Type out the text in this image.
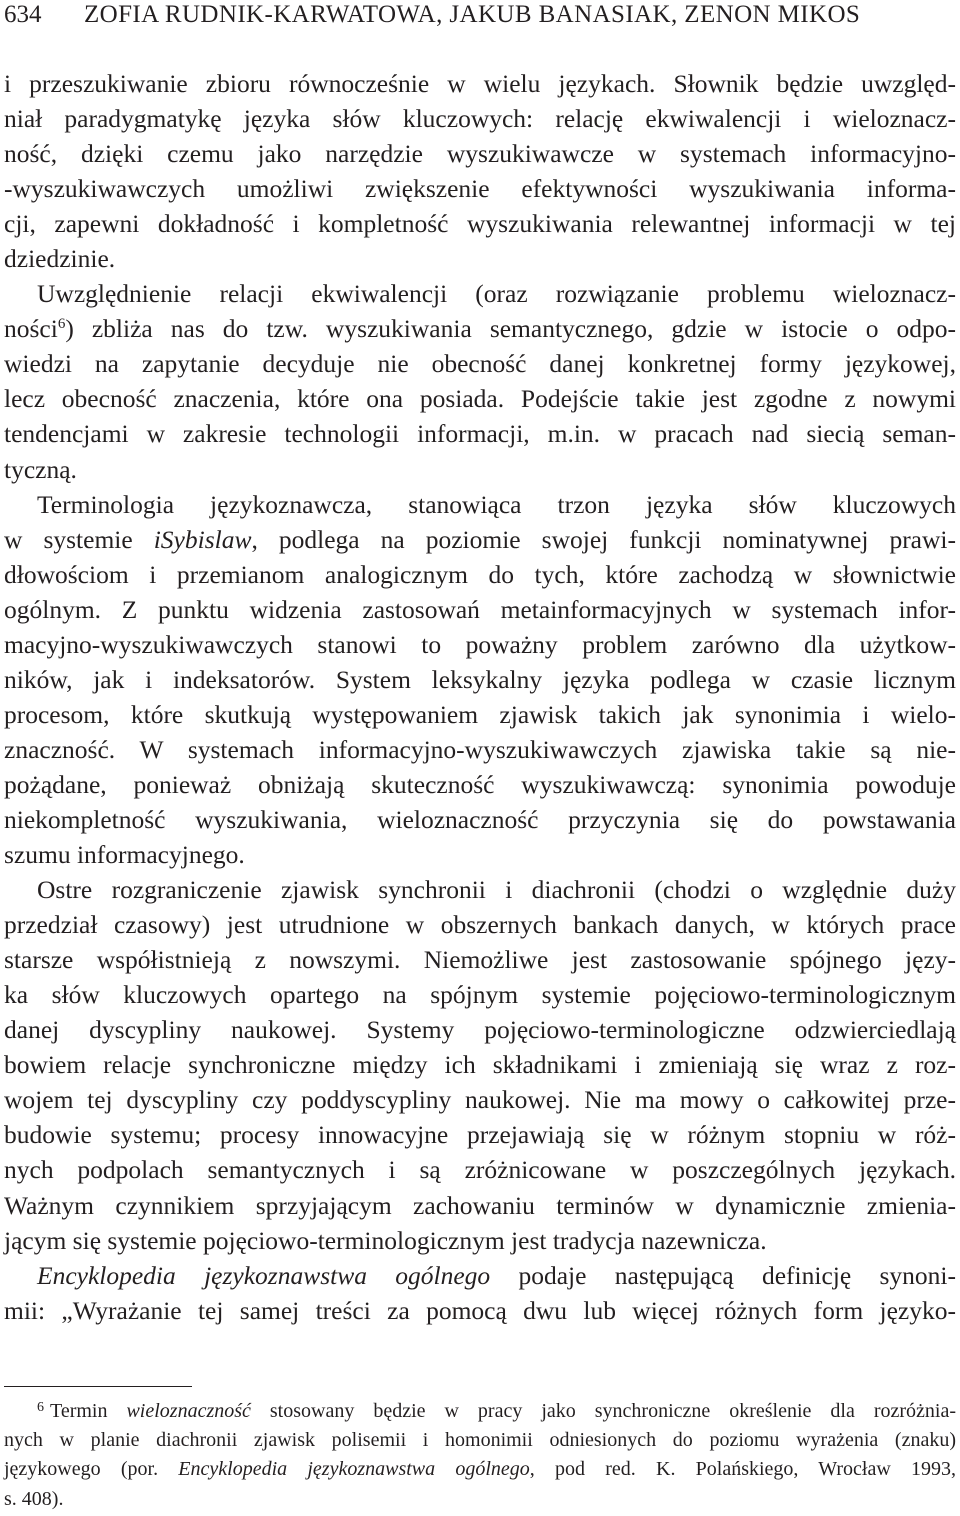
634 ZOFIA RUDNIK-KARWATOWA, JAKUB BANASIAK, ZENON MIKOS
i przeszukiwanie zbioru równocześnie w wielu językach. Słownik będzie uwzględ-
niał paradygmatykę języka słów kluczowych: relację ekwiwalencji i wieloznacz-
ność, dzięki czemu jako narzędzie wyszukiwawcze w systemach informacyjno-
-wyszukiwawczych umożliwi zwiększenie efektywności wyszukiwania informa-
cji, zapewni dokładność i kompletność wyszukiwania relewantnej informacji w tej
dziedzinie.
Uwzględnienie relacji ekwiwalencji (oraz rozwiązanie problemu wieloznacz-
ności$^6$) zbliża nas do tzw. wyszukiwania semantycznego, gdzie w istocie o odpo-
wiedzi na zapytanie decyduje nie obecność danej konkretnej formy językowej,
lecz obecność znaczenia, które ona posiada. Podejście takie jest zgodne z nowymi
tendencjami w zakresie technologii informacji, m.in. w pracach nad siecią seman-
tyczną.
Terminologia językoznawcza, stanowiąca trzon języka słów kluczowych
w systemie iSybislaw, podlega na poziomie swojej funkcji nominatywnej prawi-
dłowościom i przemianom analogicznym do tych, które zachodzą w słownictwie
ogólnym. Z punktu widzenia zastosowań metainformacyjnych w systemach infor-
macyjno-wyszukiwawczych stanowi to poważny problem zarówno dla użytkow-
ników, jak i indeksatorów. System leksykalny języka podlega w czasie licznym
procesom, które skutkują występowaniem zjawisk takich jak synonimia i wielo-
znaczność. W systemach informacyjno-wyszukiwawczych zjawiska takie są nie-
pożądane, ponieważ obniżają skuteczność wyszukiwawczą: synonimia powoduje
niekompletność wyszukiwania, wieloznaczność przyczynia się do powstawania
szumu informacyjnego.
Ostre rozgraniczenie zjawisk synchronii i diachronii (chodzi o względnie duży
przedział czasowy) jest utrudnione w obszernych bankach danych, w których prace
starsze współistnieją z nowszymi. Niemożliwe jest zastosowanie spójnego języ-
ka słów kluczowych opartego na spójnym systemie pojęciowo-terminologicznym
danej dyscypliny naukowej. Systemy pojęciowo-terminologiczne odzwierciedlają
bowiem relacje synchroniczne między ich składnikami i zmieniają się wraz z roz-
wojem tej dyscypliny czy poddyscypliny naukowej. Nie ma mowy o całkowitej prze-
budowie systemu; procesy innowacyjne przejawiają się w różnym stopniu w róż-
nych podpolach semantycznych i są zróżnicowane w poszczególnych językach.
Ważnym czynnikiem sprzyjającym zachowaniu terminów w dynamicznie zmienia-
jącym się systemie pojęciowo-terminologicznym jest tradycja nazewnicza.
Encyklopedia językoznawstwa ogólnego podaje następującą definicję synoni-
mii: „Wyrażanie tej samej treści za pomocą dwu lub więcej różnych form języko-
$^6$ Termin wieloznaczność stosowany będzie w pracy jako synchroniczne określenie dla rozróżnia-
nych w planie diachronii zjawisk polisemii i homonimii odniesionych do poziomu wyrażenia (znaku)
językowego (por. Encyklopedia językoznawstwa ogólnego, pod red. K. Polańskiego, Wrocław 1993,
s. 408).
